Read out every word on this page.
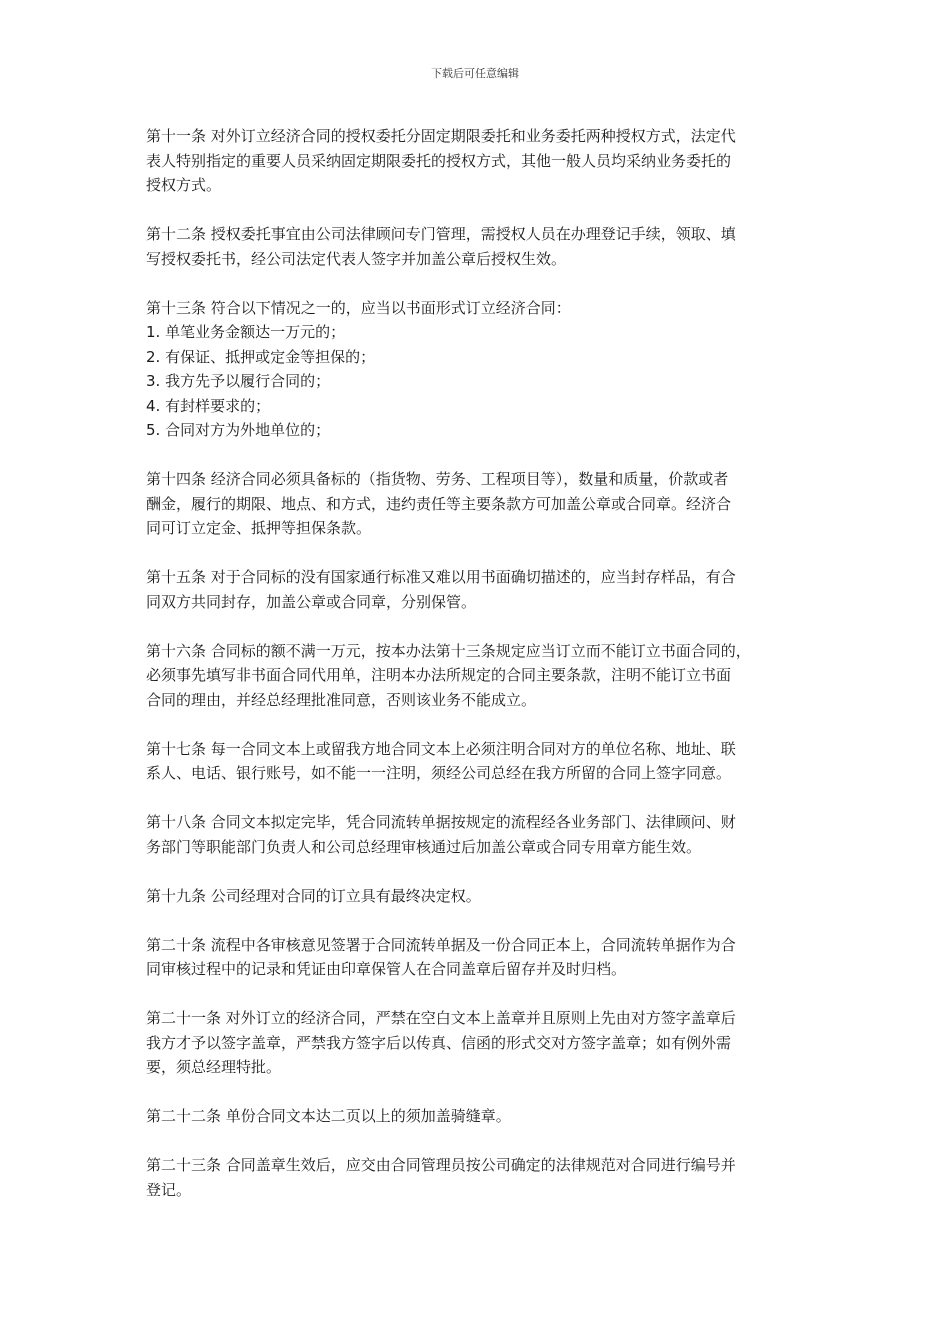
下载后可任意编辑
第十一条 对外订立经济合同的授权委托分固定期限委托和业务委托两种授权方式，法定代
表人特别指定的重要人员采纳固定期限委托的授权方式，其他一般人员均采纳业务委托的
授权方式。
第十二条 授权委托事宜由公司法律顾问专门管理，需授权人员在办理登记手续，领取、填
写授权委托书，经公司法定代表人签字并加盖公章后授权生效。
第十三条 符合以下情况之一的，应当以书面形式订立经济合同：
1. 单笔业务金额达一万元的；
2. 有保证、抵押或定金等担保的；
3. 我方先予以履行合同的；
4. 有封样要求的；
5. 合同对方为外地单位的；
第十四条 经济合同必须具备标的（指货物、劳务、工程项目等），数量和质量，价款或者
酬金，履行的期限、地点、和方式，违约责任等主要条款方可加盖公章或合同章。经济合
同可订立定金、抵押等担保条款。
第十五条 对于合同标的没有国家通行标准又难以用书面确切描述的，应当封存样品，有合
同双方共同封存，加盖公章或合同章，分别保管。
第十六条 合同标的额不满一万元，按本办法第十三条规定应当订立而不能订立书面合同的，
必须事先填写非书面合同代用单，注明本办法所规定的合同主要条款，注明不能订立书面
合同的理由，并经总经理批准同意，否则该业务不能成立。
第十七条 每一合同文本上或留我方地合同文本上必须注明合同对方的单位名称、地址、联
系人、电话、银行账号，如不能一一注明，须经公司总经在我方所留的合同上签字同意。
第十八条 合同文本拟定完毕，凭合同流转单据按规定的流程经各业务部门、法律顾问、财
务部门等职能部门负责人和公司总经理审核通过后加盖公章或合同专用章方能生效。
第十九条 公司经理对合同的订立具有最终决定权。
第二十条 流程中各审核意见签署于合同流转单据及一份合同正本上，合同流转单据作为合
同审核过程中的记录和凭证由印章保管人在合同盖章后留存并及时归档。
第二十一条 对外订立的经济合同，严禁在空白文本上盖章并且原则上先由对方签字盖章后
我方才予以签字盖章，严禁我方签字后以传真、信函的形式交对方签字盖章；如有例外需
要，须总经理特批。
第二十二条 单份合同文本达二页以上的须加盖骑缝章。
第二十三条 合同盖章生效后，应交由合同管理员按公司确定的法律规范对合同进行编号并
登记。
